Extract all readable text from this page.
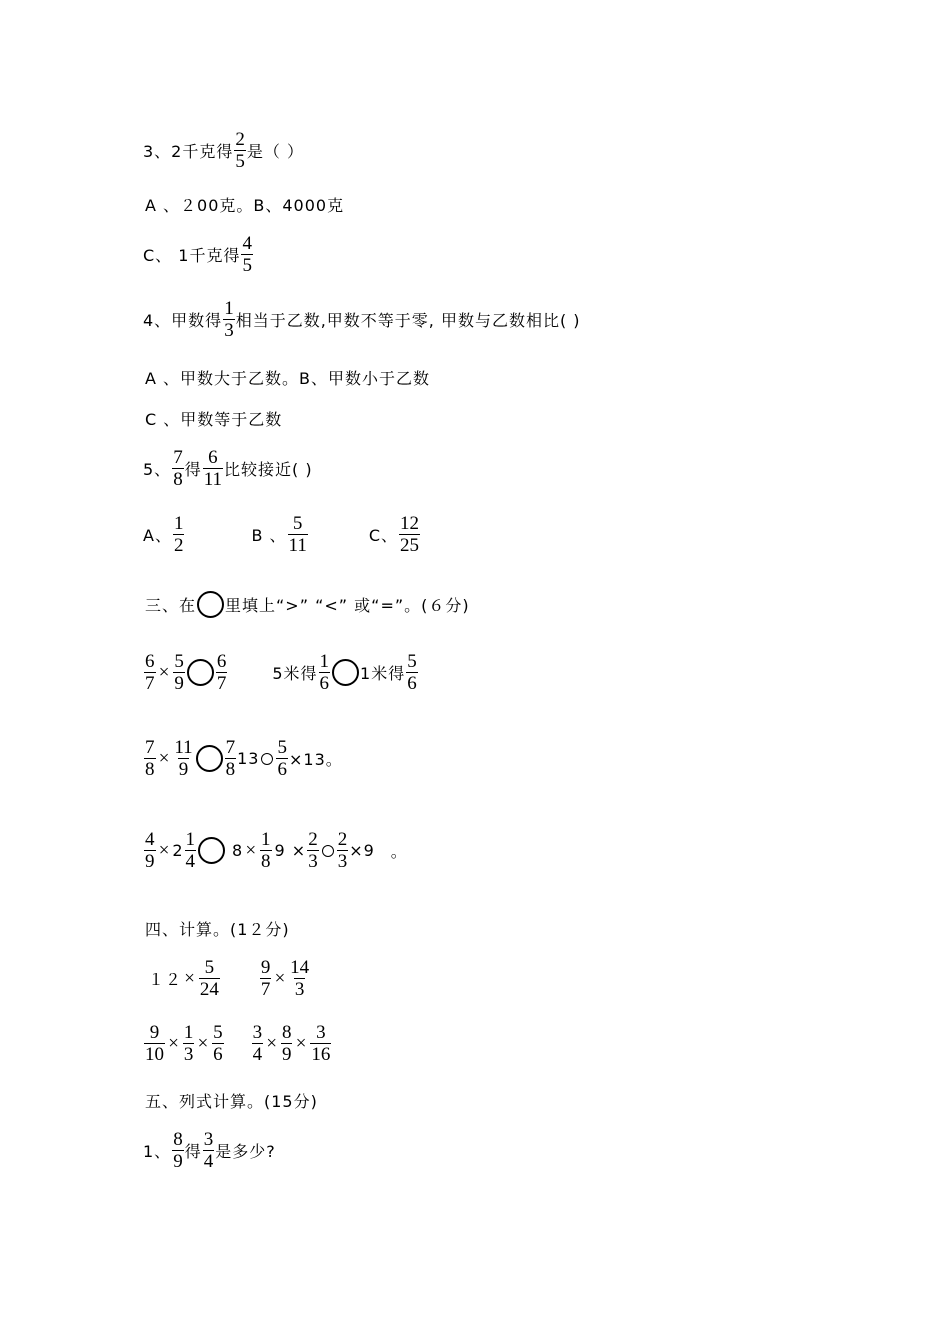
3、2千克得 $\frac{2}{5}$ 是（ ）
A 、２00克。B、4000克
C、 1千克得 $\frac{4}{5}$
4、甲数得 $\frac{1}{3}$ 相当于乙数,甲数不等于零, 甲数与乙数相比( )
A 、甲数大于乙数。B、甲数小于乙数
C 、甲数等于乙数
5、 $\frac{7}{8}$ 得 $\frac{6}{11}$ 比较接近( )
A、 $\frac{1}{2}$	B 、 $\frac{5}{11}$	C、 $\frac{12}{25}$
三、在 里填上“>” “<” 或“=”。(６分)
$\frac{6}{7} \times \frac{5}{9} \frac{6}{7}$	5米得 $\frac{1}{6} 1$米得 $\frac{5}{6}$
$\frac{7}{8} \times \frac{11}{9} \frac{7}{8} 13 \frac{5}{6} \times 13$。
$\frac{4}{9} \times 2 \frac{1}{4} 8 \times \frac{1}{8} 9 \times \frac{2}{3} \frac{2}{3} \times 9$ 。
四、计算。(1２分)
$12 \times \frac{5}{24} \frac{9}{7} \times \frac{14}{3}$
$\frac{9}{10} \times \frac{1}{3} \times \frac{5}{6} \frac{3}{4} \times \frac{8}{9} \times \frac{3}{16}$
五、列式计算。(15分)
1、 $\frac{8}{9}$ 得 $\frac{3}{4}$ 是多少?
